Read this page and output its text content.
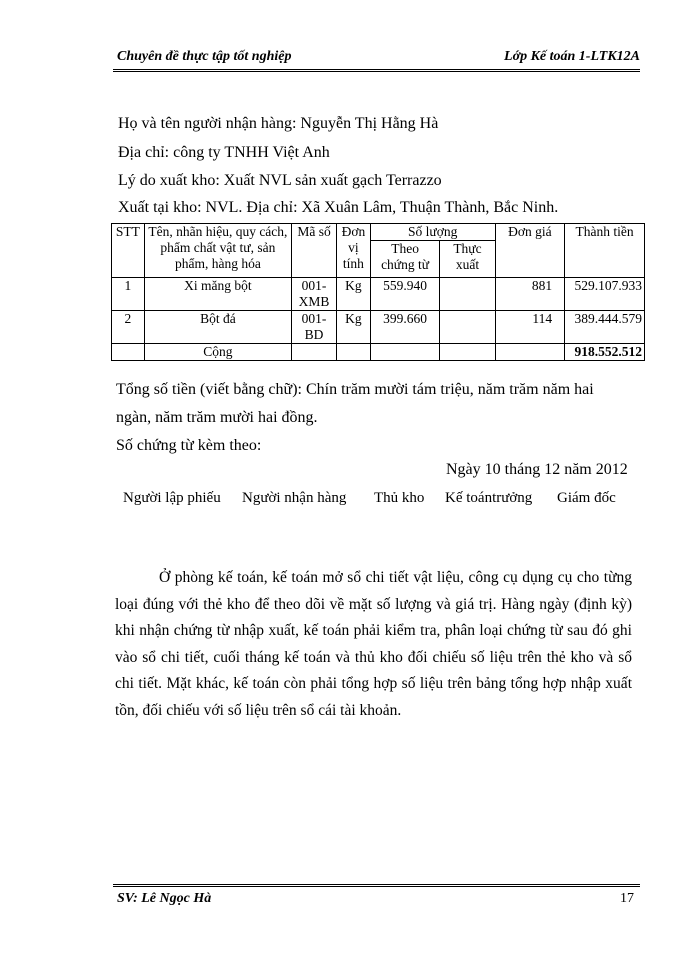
Chuyên đề thực tập tốt nghiệp	Lớp Kế toán 1-LTK12A
Họ và tên người nhận hàng: Nguyễn Thị Hằng Hà
Địa chỉ: công ty TNHH Việt Anh
Lý do xuất kho: Xuất NVL sản xuất gạch Terrazzo
Xuất tại kho: NVL. Địa chỉ: Xã Xuân Lâm, Thuận Thành, Bắc Ninh.
STT	Tên, nhãn hiệu, quy cách, phẩm chất vật tư, sản phẩm, hàng hóa	Mã số	Đơn vị tính	Số lượng		Đơn giá	Thành tiền
				Theo chứng từ	Thực xuất		
1	Xi măng bột	001-XMB	Kg	559.940		881	529.107.933
2	Bột đá	001-BD	Kg	399.660		114	389.444.579
	Cộng						918.552.512
Tổng số tiền (viết bằng chữ): Chín trăm mười tám triệu, năm trăm năm hai
ngàn, năm trăm mười hai đồng.
Số chứng từ kèm theo:
Ngày 10 tháng 12 năm 2012
Người lập phiếu Người nhận hàng Thủ kho Kế toántrưởng Giám đốc

Ở phòng kế toán, kế toán mở sổ chi tiết vật liệu, công cụ dụng cụ cho từng loại đúng với thẻ kho để theo dõi về mặt số lượng và giá trị. Hàng ngày (định kỳ) khi nhận chứng từ nhập xuất, kế toán phải kiểm tra, phân loại chứng từ sau đó ghi vào sổ chi tiết, cuối tháng kế toán và thủ kho đối chiếu số liệu trên thẻ kho và sổ chi tiết. Mặt khác, kế toán còn phải tổng hợp số liệu trên bảng tổng hợp nhập xuất tồn, đối chiếu với số liệu trên sổ cái tài khoản.

SV: Lê Ngọc Hà	17
